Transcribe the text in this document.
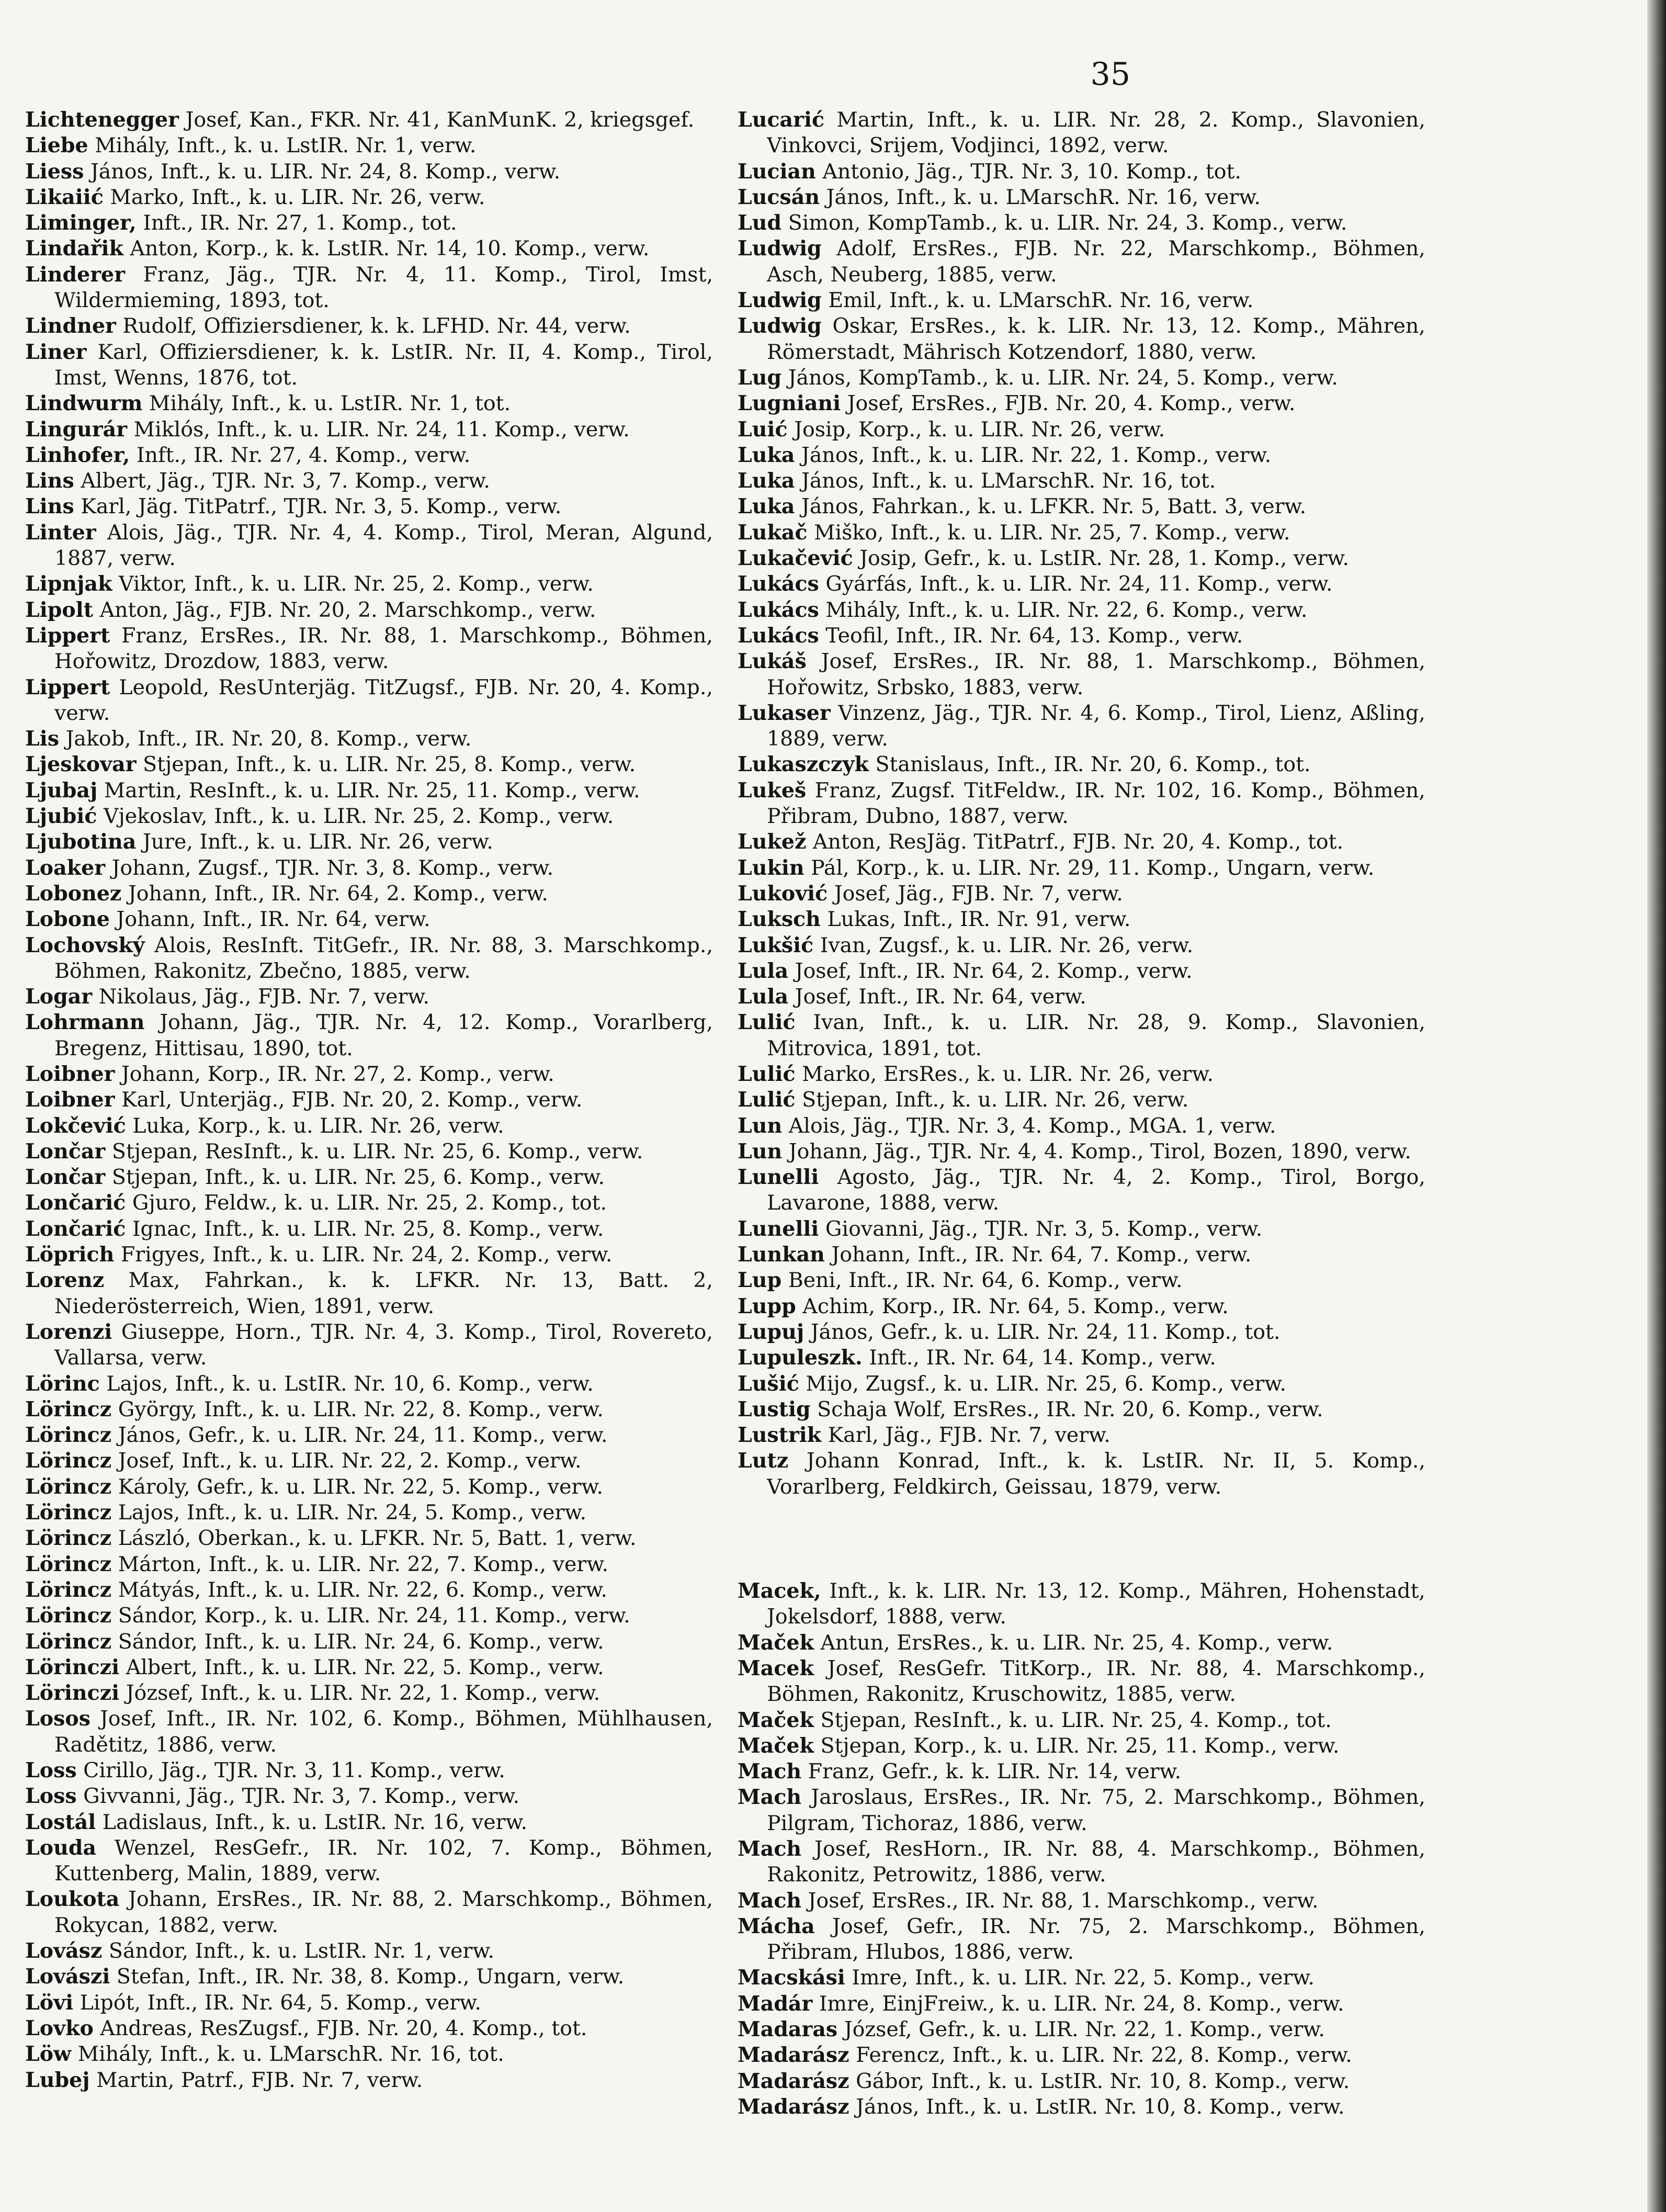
35
Lichtenegger Josef, Kan., FKR. Nr. 41, KanMunK. 2, kriegsgef.
Liebe Mihály, Inft., k. u. LstIR. Nr. 1, verw.
Liess János, Inft., k. u. LIR. Nr. 24, 8. Komp., verw.
Likaiić Marko, Inft., k. u. LIR. Nr. 26, verw.
Liminger, Inft., IR. Nr. 27, 1. Komp., tot.
Lindařik Anton, Korp., k. k. LstIR. Nr. 14, 10. Komp., verw.
Linderer Franz, Jäg., TJR. Nr. 4, 11. Komp., Tirol, Imst, Wildermieming, 1893, tot.
Lindner Rudolf, Offiziersdiener, k. k. LFHD. Nr. 44, verw.
Liner Karl, Offiziersdiener, k. k. LstIR. Nr. II, 4. Komp., Tirol, Imst, Wenns, 1876, tot.
Lindwurm Mihály, Inft., k. u. LstIR. Nr. 1, tot.
Lingurár Miklós, Inft., k. u. LIR. Nr. 24, 11. Komp., verw.
Linhofer, Inft., IR. Nr. 27, 4. Komp., verw.
Lins Albert, Jäg., TJR. Nr. 3, 7. Komp., verw.
Lins Karl, Jäg. TitPatrf., TJR. Nr. 3, 5. Komp., verw.
Linter Alois, Jäg., TJR. Nr. 4, 4. Komp., Tirol, Meran, Algund, 1887, verw.
Lipnjak Viktor, Inft., k. u. LIR. Nr. 25, 2. Komp., verw.
Lipolt Anton, Jäg., FJB. Nr. 20, 2. Marschkomp., verw.
Lippert Franz, ErsRes., IR. Nr. 88, 1. Marschkomp., Böhmen, Hořowitz, Drozdow, 1883, verw.
Lippert Leopold, ResUnterjäg. TitZugsf., FJB. Nr. 20, 4. Komp., verw.
Lis Jakob, Inft., IR. Nr. 20, 8. Komp., verw.
Ljeskovar Stjepan, Inft., k. u. LIR. Nr. 25, 8. Komp., verw.
Ljubaj Martin, ResInft., k. u. LIR. Nr. 25, 11. Komp., verw.
Ljubić Vjekoslav, Inft., k. u. LIR. Nr. 25, 2. Komp., verw.
Ljubotina Jure, Inft., k. u. LIR. Nr. 26, verw.
Loaker Johann, Zugsf., TJR. Nr. 3, 8. Komp., verw.
Lobonez Johann, Inft., IR. Nr. 64, 2. Komp., verw.
Lobone Johann, Inft., IR. Nr. 64, verw.
Lochovský Alois, ResInft. TitGefr., IR. Nr. 88, 3. Marschkomp., Böhmen, Rakonitz, Zbečno, 1885, verw.
Logar Nikolaus, Jäg., FJB. Nr. 7, verw.
Lohrmann Johann, Jäg., TJR. Nr. 4, 12. Komp., Vorarlberg, Bregenz, Hittisau, 1890, tot.
Loibner Johann, Korp., IR. Nr. 27, 2. Komp., verw.
Loibner Karl, Unterjäg., FJB. Nr. 20, 2. Komp., verw.
Lokčević Luka, Korp., k. u. LIR. Nr. 26, verw.
Lončar Stjepan, ResInft., k. u. LIR. Nr. 25, 6. Komp., verw.
Lončar Stjepan, Inft., k. u. LIR. Nr. 25, 6. Komp., verw.
Lončarić Gjuro, Feldw., k. u. LIR. Nr. 25, 2. Komp., tot.
Lončarić Ignac, Inft., k. u. LIR. Nr. 25, 8. Komp., verw.
Löprich Frigyes, Inft., k. u. LIR. Nr. 24, 2. Komp., verw.
Lorenz Max, Fahrkan., k. k. LFKR. Nr. 13, Batt. 2, Niederösterreich, Wien, 1891, verw.
Lorenzi Giuseppe, Horn., TJR. Nr. 4, 3. Komp., Tirol, Rovereto, Vallarsa, verw.
Lörinc Lajos, Inft., k. u. LstIR. Nr. 10, 6. Komp., verw.
Lörincz György, Inft., k. u. LIR. Nr. 22, 8. Komp., verw.
Lörincz János, Gefr., k. u. LIR. Nr. 24, 11. Komp., verw.
Lörincz Josef, Inft., k. u. LIR. Nr. 22, 2. Komp., verw.
Lörincz Károly, Gefr., k. u. LIR. Nr. 22, 5. Komp., verw.
Lörincz Lajos, Inft., k. u. LIR. Nr. 24, 5. Komp., verw.
Lörincz László, Oberkan., k. u. LFKR. Nr. 5, Batt. 1, verw.
Lörincz Márton, Inft., k. u. LIR. Nr. 22, 7. Komp., verw.
Lörincz Mátyás, Inft., k. u. LIR. Nr. 22, 6. Komp., verw.
Lörincz Sándor, Korp., k. u. LIR. Nr. 24, 11. Komp., verw.
Lörincz Sándor, Inft., k. u. LIR. Nr. 24, 6. Komp., verw.
Lörinczi Albert, Inft., k. u. LIR. Nr. 22, 5. Komp., verw.
Lörinczi József, Inft., k. u. LIR. Nr. 22, 1. Komp., verw.
Losos Josef, Inft., IR. Nr. 102, 6. Komp., Böhmen, Mühlhausen, Radětitz, 1886, verw.
Loss Cirillo, Jäg., TJR. Nr. 3, 11. Komp., verw.
Loss Givvanni, Jäg., TJR. Nr. 3, 7. Komp., verw.
Lostál Ladislaus, Inft., k. u. LstIR. Nr. 16, verw.
Louda Wenzel, ResGefr., IR. Nr. 102, 7. Komp., Böhmen, Kuttenberg, Malin, 1889, verw.
Loukota Johann, ErsRes., IR. Nr. 88, 2. Marschkomp., Böhmen, Rokycan, 1882, verw.
Lovász Sándor, Inft., k. u. LstIR. Nr. 1, verw.
Lovászi Stefan, Inft., IR. Nr. 38, 8. Komp., Ungarn, verw.
Lövi Lipót, Inft., IR. Nr. 64, 5. Komp., verw.
Lovko Andreas, ResZugsf., FJB. Nr. 20, 4. Komp., tot.
Löw Mihály, Inft., k. u. LMarschR. Nr. 16, tot.
Lubej Martin, Patrf., FJB. Nr. 7, verw.
Lucarić Martin, Inft., k. u. LIR. Nr. 28, 2. Komp., Slavonien, Vinkovci, Srijem, Vodjinci, 1892, verw.
Lucian Antonio, Jäg., TJR. Nr. 3, 10. Komp., tot.
Lucsán János, Inft., k. u. LMarschR. Nr. 16, verw.
Lud Simon, KompTamb., k. u. LIR. Nr. 24, 3. Komp., verw.
Ludwig Adolf, ErsRes., FJB. Nr. 22, Marschkomp., Böhmen, Asch, Neuberg, 1885, verw.
Ludwig Emil, Inft., k. u. LMarschR. Nr. 16, verw.
Ludwig Oskar, ErsRes., k. k. LIR. Nr. 13, 12. Komp., Mähren, Römerstadt, Mährisch Kotzendorf, 1880, verw.
Lug János, KompTamb., k. u. LIR. Nr. 24, 5. Komp., verw.
Lugniani Josef, ErsRes., FJB. Nr. 20, 4. Komp., verw.
Luić Josip, Korp., k. u. LIR. Nr. 26, verw.
Luka János, Inft., k. u. LIR. Nr. 22, 1. Komp., verw.
Luka János, Inft., k. u. LMarschR. Nr. 16, tot.
Luka János, Fahrkan., k. u. LFKR. Nr. 5, Batt. 3, verw.
Lukač Miško, Inft., k. u. LIR. Nr. 25, 7. Komp., verw.
Lukačević Josip, Gefr., k. u. LstIR. Nr. 28, 1. Komp., verw.
Lukács Gyárfás, Inft., k. u. LIR. Nr. 24, 11. Komp., verw.
Lukács Mihály, Inft., k. u. LIR. Nr. 22, 6. Komp., verw.
Lukács Teofil, Inft., IR. Nr. 64, 13. Komp., verw.
Lukáš Josef, ErsRes., IR. Nr. 88, 1. Marschkomp., Böhmen, Hořowitz, Srbsko, 1883, verw.
Lukaser Vinzenz, Jäg., TJR. Nr. 4, 6. Komp., Tirol, Lienz, Aßling, 1889, verw.
Lukaszczyk Stanislaus, Inft., IR. Nr. 20, 6. Komp., tot.
Lukeš Franz, Zugsf. TitFeldw., IR. Nr. 102, 16. Komp., Böhmen, Přibram, Dubno, 1887, verw.
Lukež Anton, ResJäg. TitPatrf., FJB. Nr. 20, 4. Komp., tot.
Lukin Pál, Korp., k. u. LIR. Nr. 29, 11. Komp., Ungarn, verw.
Luković Josef, Jäg., FJB. Nr. 7, verw.
Luksch Lukas, Inft., IR. Nr. 91, verw.
Lukšić Ivan, Zugsf., k. u. LIR. Nr. 26, verw.
Lula Josef, Inft., IR. Nr. 64, 2. Komp., verw.
Lula Josef, Inft., IR. Nr. 64, verw.
Lulić Ivan, Inft., k. u. LIR. Nr. 28, 9. Komp., Slavonien, Mitrovica, 1891, tot.
Lulić Marko, ErsRes., k. u. LIR. Nr. 26, verw.
Lulić Stjepan, Inft., k. u. LIR. Nr. 26, verw.
Lun Alois, Jäg., TJR. Nr. 3, 4. Komp., MGA. 1, verw.
Lun Johann, Jäg., TJR. Nr. 4, 4. Komp., Tirol, Bozen, 1890, verw.
Lunelli Agosto, Jäg., TJR. Nr. 4, 2. Komp., Tirol, Borgo, Lavarone, 1888, verw.
Lunelli Giovanni, Jäg., TJR. Nr. 3, 5. Komp., verw.
Lunkan Johann, Inft., IR. Nr. 64, 7. Komp., verw.
Lup Beni, Inft., IR. Nr. 64, 6. Komp., verw.
Lupp Achim, Korp., IR. Nr. 64, 5. Komp., verw.
Lupuj János, Gefr., k. u. LIR. Nr. 24, 11. Komp., tot.
Lupuleszk. Inft., IR. Nr. 64, 14. Komp., verw.
Lušić Mijo, Zugsf., k. u. LIR. Nr. 25, 6. Komp., verw.
Lustig Schaja Wolf, ErsRes., IR. Nr. 20, 6. Komp., verw.
Lustrik Karl, Jäg., FJB. Nr. 7, verw.
Lutz Johann Konrad, Inft., k. k. LstIR. Nr. II, 5. Komp., Vorarlberg, Feldkirch, Geissau, 1879, verw.
Macek, Inft., k. k. LIR. Nr. 13, 12. Komp., Mähren, Hohenstadt, Jokelsdorf, 1888, verw.
Maček Antun, ErsRes., k. u. LIR. Nr. 25, 4. Komp., verw.
Macek Josef, ResGefr. TitKorp., IR. Nr. 88, 4. Marschkomp., Böhmen, Rakonitz, Kruschowitz, 1885, verw.
Maček Stjepan, ResInft., k. u. LIR. Nr. 25, 4. Komp., tot.
Maček Stjepan, Korp., k. u. LIR. Nr. 25, 11. Komp., verw.
Mach Franz, Gefr., k. k. LIR. Nr. 14, verw.
Mach Jaroslaus, ErsRes., IR. Nr. 75, 2. Marschkomp., Böhmen, Pilgram, Tichoraz, 1886, verw.
Mach Josef, ResHorn., IR. Nr. 88, 4. Marschkomp., Böhmen, Rakonitz, Petrowitz, 1886, verw.
Mach Josef, ErsRes., IR. Nr. 88, 1. Marschkomp., verw.
Mácha Josef, Gefr., IR. Nr. 75, 2. Marschkomp., Böhmen, Přibram, Hlubos, 1886, verw.
Macskási Imre, Inft., k. u. LIR. Nr. 22, 5. Komp., verw.
Madár Imre, EinjFreiw., k. u. LIR. Nr. 24, 8. Komp., verw.
Madaras József, Gefr., k. u. LIR. Nr. 22, 1. Komp., verw.
Madarász Ferencz, Inft., k. u. LIR. Nr. 22, 8. Komp., verw.
Madarász Gábor, Inft., k. u. LstIR. Nr. 10, 8. Komp., verw.
Madarász János, Inft., k. u. LstIR. Nr. 10, 8. Komp., verw.
